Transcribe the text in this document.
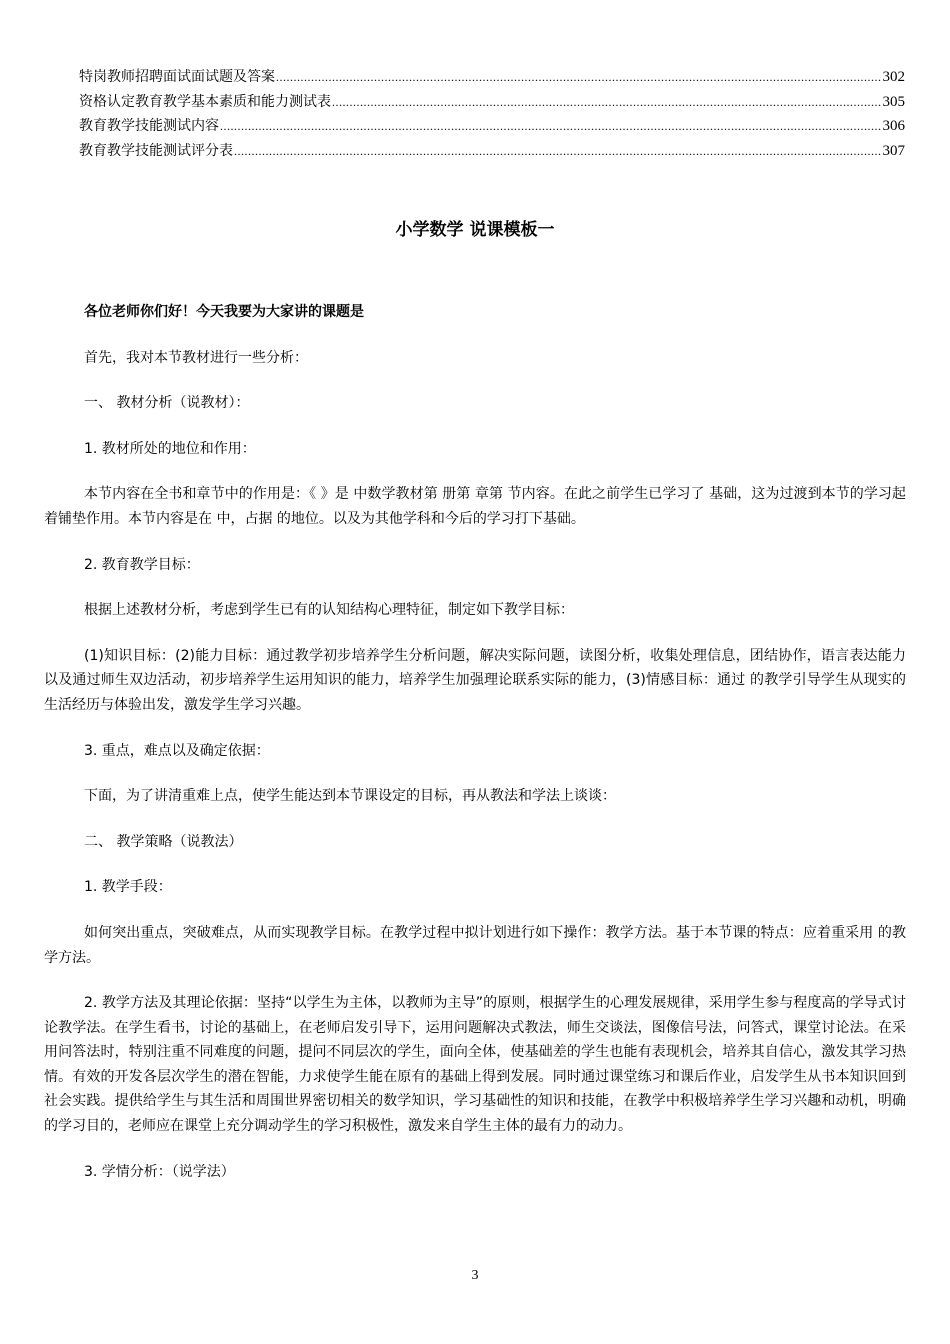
特岗教师招聘面试面试题及答案 .....	302
资格认定教育教学基本素质和能力测试表 .....	305
教育教学技能测试内容 .....	306
教育教学技能测试评分表 .....	307
小学数学 说课模板一

各位老师你们好！今天我要为大家讲的课题是

首先，我对本节教材进行一些分析：

一、 教材分析（说教材）：

1. 教材所处的地位和作用：

本节内容在全书和章节中的作用是：《 》是 中数学教材第 册第 章第 节内容。在此之前学生已学习了 基础，这为过渡到本节的学习起着铺垫作用。本节内容是在 中，占据 的地位。以及为其他学科和今后的学习打下基础。

2. 教育教学目标：

根据上述教材分析，考虑到学生已有的认知结构心理特征，制定如下教学目标：

(1)知识目标：(2)能力目标：通过教学初步培养学生分析问题，解决实际问题，读图分析，收集处理信息，团结协作，语言表达能力以及通过师生双边活动，初步培养学生运用知识的能力，培养学生加强理论联系实际的能力，(3)情感目标：通过 的教学引导学生从现实的生活经历与体验出发，激发学生学习兴趣。

3. 重点，难点以及确定依据：

下面，为了讲清重难上点，使学生能达到本节课设定的目标，再从教法和学法上谈谈：

二、 教学策略（说教法）

1. 教学手段：

如何突出重点，突破难点，从而实现教学目标。在教学过程中拟计划进行如下操作：教学方法。基于本节课的特点：应着重采用 的教学方法。

2. 教学方法及其理论依据：坚持“以学生为主体，以教师为主导”的原则，根据学生的心理发展规律，采用学生参与程度高的学导式讨论教学法。在学生看书，讨论的基础上，在老师启发引导下，运用问题解决式教法，师生交谈法，图像信号法，问答式，课堂讨论法。在采用问答法时，特别注重不同难度的问题，提问不同层次的学生，面向全体，使基础差的学生也能有表现机会，培养其自信心，激发其学习热情。有效的开发各层次学生的潜在智能，力求使学生能在原有的基础上得到发展。同时通过课堂练习和课后作业，启发学生从书本知识回到社会实践。提供给学生与其生活和周围世界密切相关的数学知识，学习基础性的知识和技能，在教学中积极培养学生学习兴趣和动机，明确的学习目的，老师应在课堂上充分调动学生的学习积极性，激发来自学生主体的最有力的动力。

3. 学情分析：（说学法）

3
